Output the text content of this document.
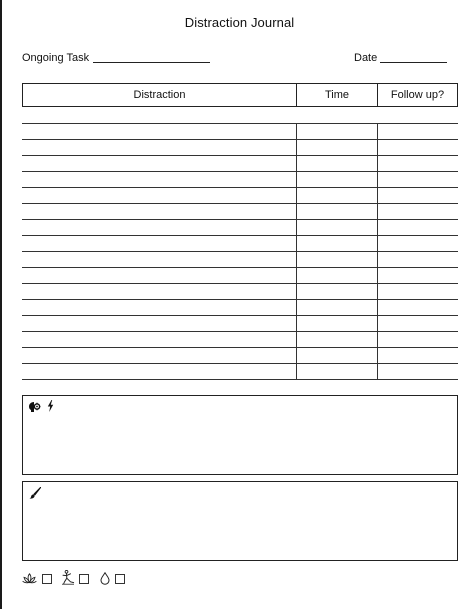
Distraction Journal
Ongoing Task	Date
Distraction	Time	Follow up?
